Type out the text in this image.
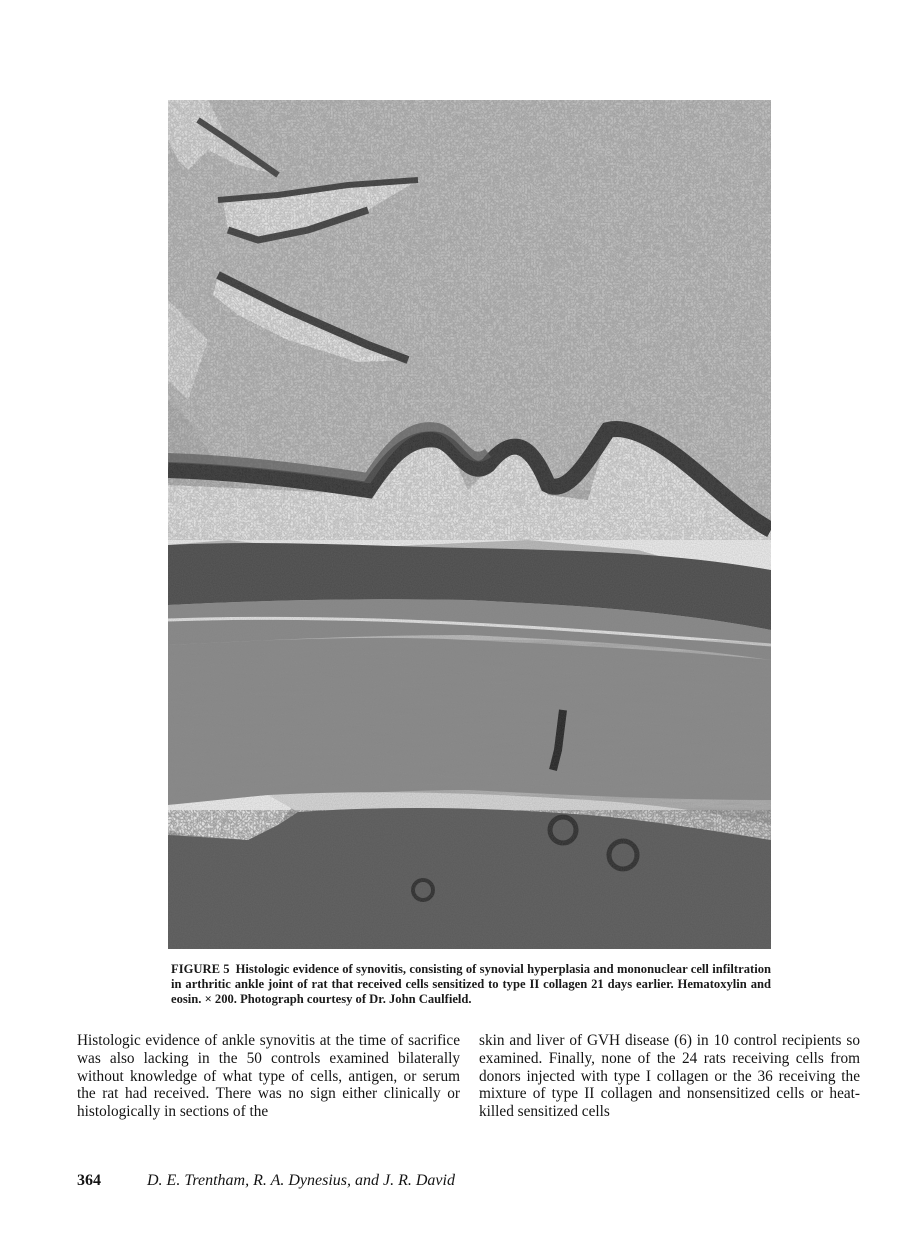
FIGURE 5 Histologic evidence of synovitis, consisting of synovial hyperplasia and mononuclear cell infiltration in arthritic ankle joint of rat that received cells sensitized to type II collagen 21 days earlier. Hematoxylin and eosin. × 200. Photograph courtesy of Dr. John Caulfield.

Histologic evidence of ankle synovitis at the time of sacrifice was also lacking in the 50 controls examined bilaterally without knowledge of what type of cells, antigen, or serum the rat had received. There was no sign either clinically or histologically in sections of the

skin and liver of GVH disease (6) in 10 control recipients so examined. Finally, none of the 24 rats receiving cells from donors injected with type I collagen or the 36 receiving the mixture of type II collagen and nonsensitized cells or heat-killed sensitized cells

364	D. E. Trentham, R. A. Dynesius, and J. R. David
